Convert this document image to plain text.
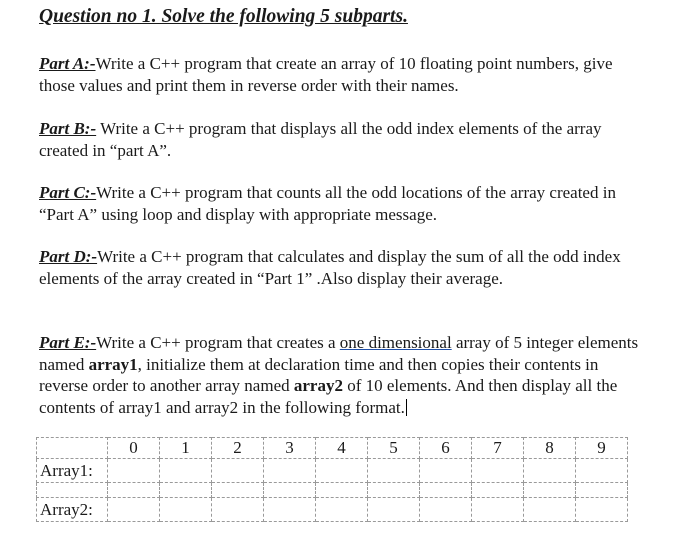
Question no 1. Solve the following 5 subparts.

Part A:-Write a C++ program that create an array of 10 floating point numbers, give those values and print them in reverse order with their names.

Part B:- Write a C++ program that displays all the odd index elements of the array created in “part A”.

Part C:-Write a C++ program that counts all the odd locations of the array created in “Part A” using loop and display with appropriate message.

Part D:-Write a C++ program that calculates and display the sum of all the odd index elements of the array created in “Part 1” .Also display their average.

Part E:-Write a C++ program that creates a one dimensional array of 5 integer elements named array1, initialize them at declaration time and then copies their contents in reverse order to another array named array2 of 10 elements. And then display all the contents of array1 and array2 in the following format.

	0	1	2	3	4	5	6	7	8	9
Array1:										

Array2:										
